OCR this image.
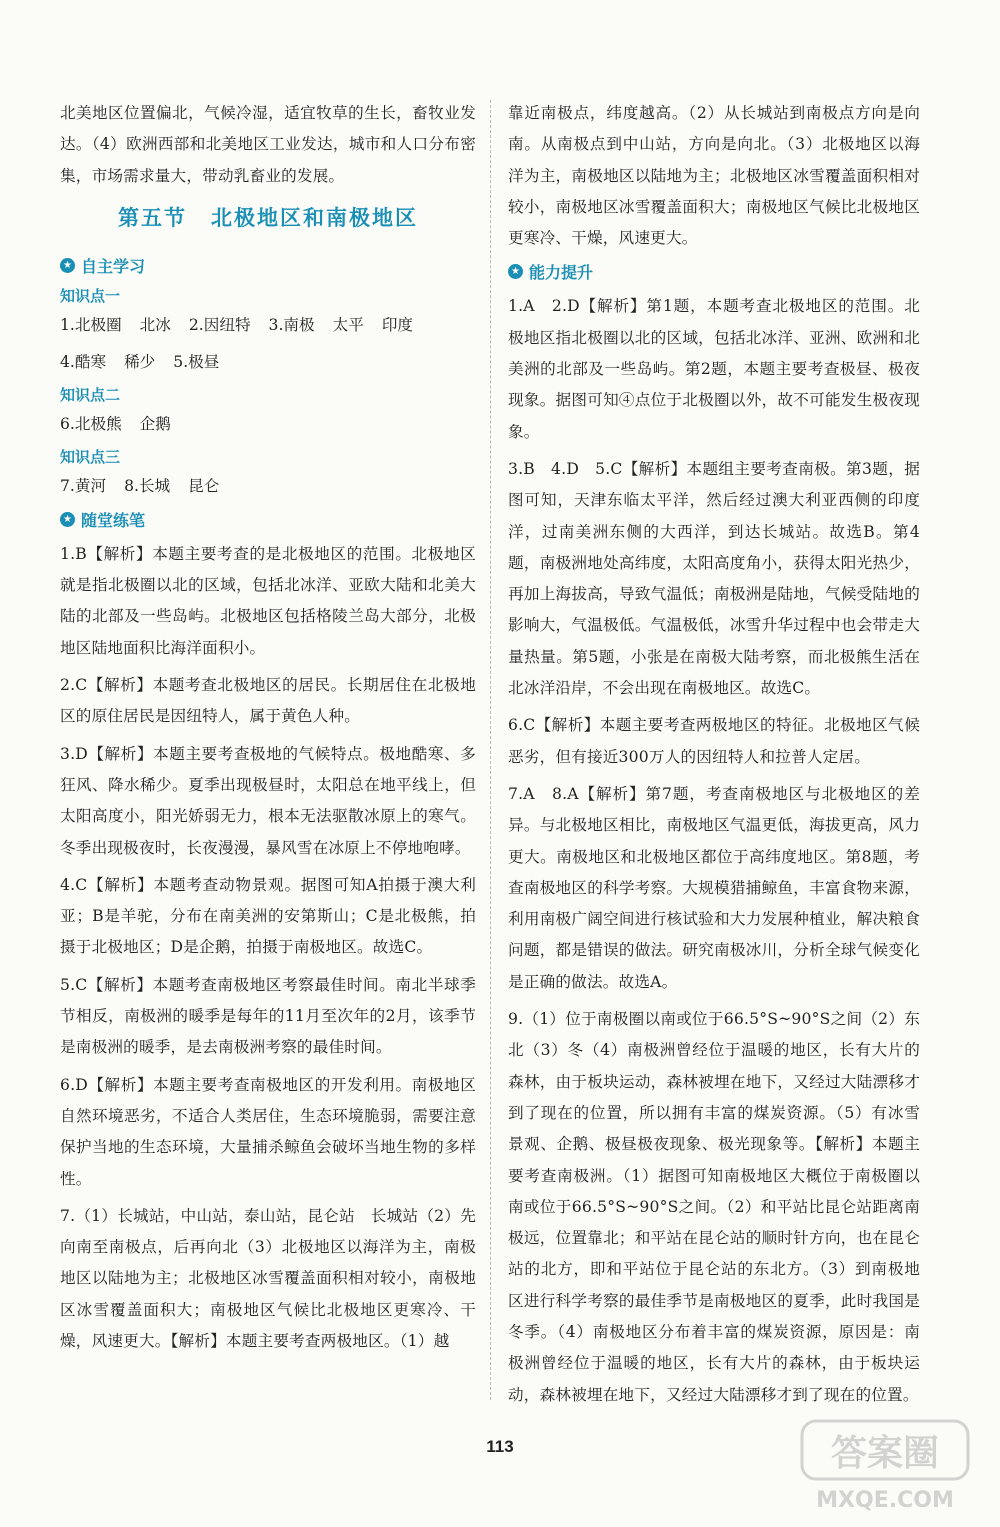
北美地区位置偏北，气候冷湿，适宜牧草的生长，畜牧业发达。（4）欧洲西部和北美地区工业发达，城市和人口分布密集，市场需求量大，带动乳畜业的发展。

第五节 北极地区和南极地区
★ 自主学习
知识点一
1.北极圈 北冰 2.因纽特 3.南极 太平 印度
4.酷寒 稀少 5.极昼
知识点二
6.北极熊 企鹅
知识点三
7.黄河 8.长城 昆仑
★ 随堂练笔

1.B【解析】本题主要考查的是北极地区的范围。北极地区就是指北极圈以北的区域，包括北冰洋、亚欧大陆和北美大陆的北部及一些岛屿。北极地区包括格陵兰岛大部分，北极地区陆地面积比海洋面积小。

2.C【解析】本题考查北极地区的居民。长期居住在北极地区的原住居民是因纽特人，属于黄色人种。

3.D【解析】本题主要考查极地的气候特点。极地酷寒、多狂风、降水稀少。夏季出现极昼时，太阳总在地平线上，但太阳高度小，阳光娇弱无力，根本无法驱散冰原上的寒气。冬季出现极夜时，长夜漫漫，暴风雪在冰原上不停地咆哮。

4.C【解析】本题考查动物景观。据图可知A拍摄于澳大利亚；B是羊驼，分布在南美洲的安第斯山；C是北极熊，拍摄于北极地区；D是企鹅，拍摄于南极地区。故选C。

5.C【解析】本题考查南极地区考察最佳时间。南北半球季节相反，南极洲的暖季是每年的11月至次年的2月，该季节是南极洲的暖季，是去南极洲考察的最佳时间。

6.D【解析】本题主要考查南极地区的开发利用。南极地区自然环境恶劣，不适合人类居住，生态环境脆弱，需要注意保护当地的生态环境，大量捕杀鲸鱼会破坏当地生物的多样性。

7.（1）长城站，中山站，泰山站，昆仑站　长城站（2）先向南至南极点，后再向北（3）北极地区以海洋为主，南极地区以陆地为主；北极地区冰雪覆盖面积相对较小，南极地区冰雪覆盖面积大；南极地区气候比北极地区更寒冷、干燥，风速更大。【解析】本题主要考查两极地区。（1）越

靠近南极点，纬度越高。（2）从长城站到南极点方向是向南。从南极点到中山站，方向是向北。（3）北极地区以海洋为主，南极地区以陆地为主；北极地区冰雪覆盖面积相对较小，南极地区冰雪覆盖面积大；南极地区气候比北极地区更寒冷、干燥，风速更大。

★ 能力提升

1.A　2.D【解析】第1题，本题考查北极地区的范围。北极地区指北极圈以北的区域，包括北冰洋、亚洲、欧洲和北美洲的北部及一些岛屿。第2题，本题主要考查极昼、极夜现象。据图可知④点位于北极圈以外，故不可能发生极夜现象。

3.B　4.D　5.C【解析】本题组主要考查南极。第3题，据图可知，天津东临太平洋，然后经过澳大利亚西侧的印度洋，过南美洲东侧的大西洋，到达长城站。故选B。第4题，南极洲地处高纬度，太阳高度角小，获得太阳光热少，再加上海拔高，导致气温低；南极洲是陆地，气候受陆地的影响大，气温极低。气温极低，冰雪升华过程中也会带走大量热量。第5题，小张是在南极大陆考察，而北极熊生活在北冰洋沿岸，不会出现在南极地区。故选C。

6.C【解析】本题主要考查两极地区的特征。北极地区气候恶劣，但有接近300万人的因纽特人和拉普人定居。

7.A　8.A【解析】第7题，考查南极地区与北极地区的差异。与北极地区相比，南极地区气温更低，海拔更高，风力更大。南极地区和北极地区都位于高纬度地区。第8题，考查南极地区的科学考察。大规模猎捕鲸鱼，丰富食物来源，利用南极广阔空间进行核试验和大力发展种植业，解决粮食问题，都是错误的做法。研究南极冰川，分析全球气候变化是正确的做法。故选A。

9.（1）位于南极圈以南或位于66.5°S~90°S之间（2）东北（3）冬（4）南极洲曾经位于温暖的地区，长有大片的森林，由于板块运动，森林被埋在地下，又经过大陆漂移才到了现在的位置，所以拥有丰富的煤炭资源。（5）有冰雪景观、企鹅、极昼极夜现象、极光现象等。【解析】本题主要考查南极洲。（1）据图可知南极地区大概位于南极圈以南或位于66.5°S~90°S之间。（2）和平站比昆仑站距离南极远，位置靠北；和平站在昆仑站的顺时针方向，也在昆仑站的北方，即和平站位于昆仑站的东北方。（3）到南极地区进行科学考察的最佳季节是南极地区的夏季，此时我国是冬季。（4）南极地区分布着丰富的煤炭资源，原因是：南极洲曾经位于温暖的地区，长有大片的森林，由于板块运动，森林被埋在地下，又经过大陆漂移才到了现在的位置。

113	答案圈
MXQE.COM
